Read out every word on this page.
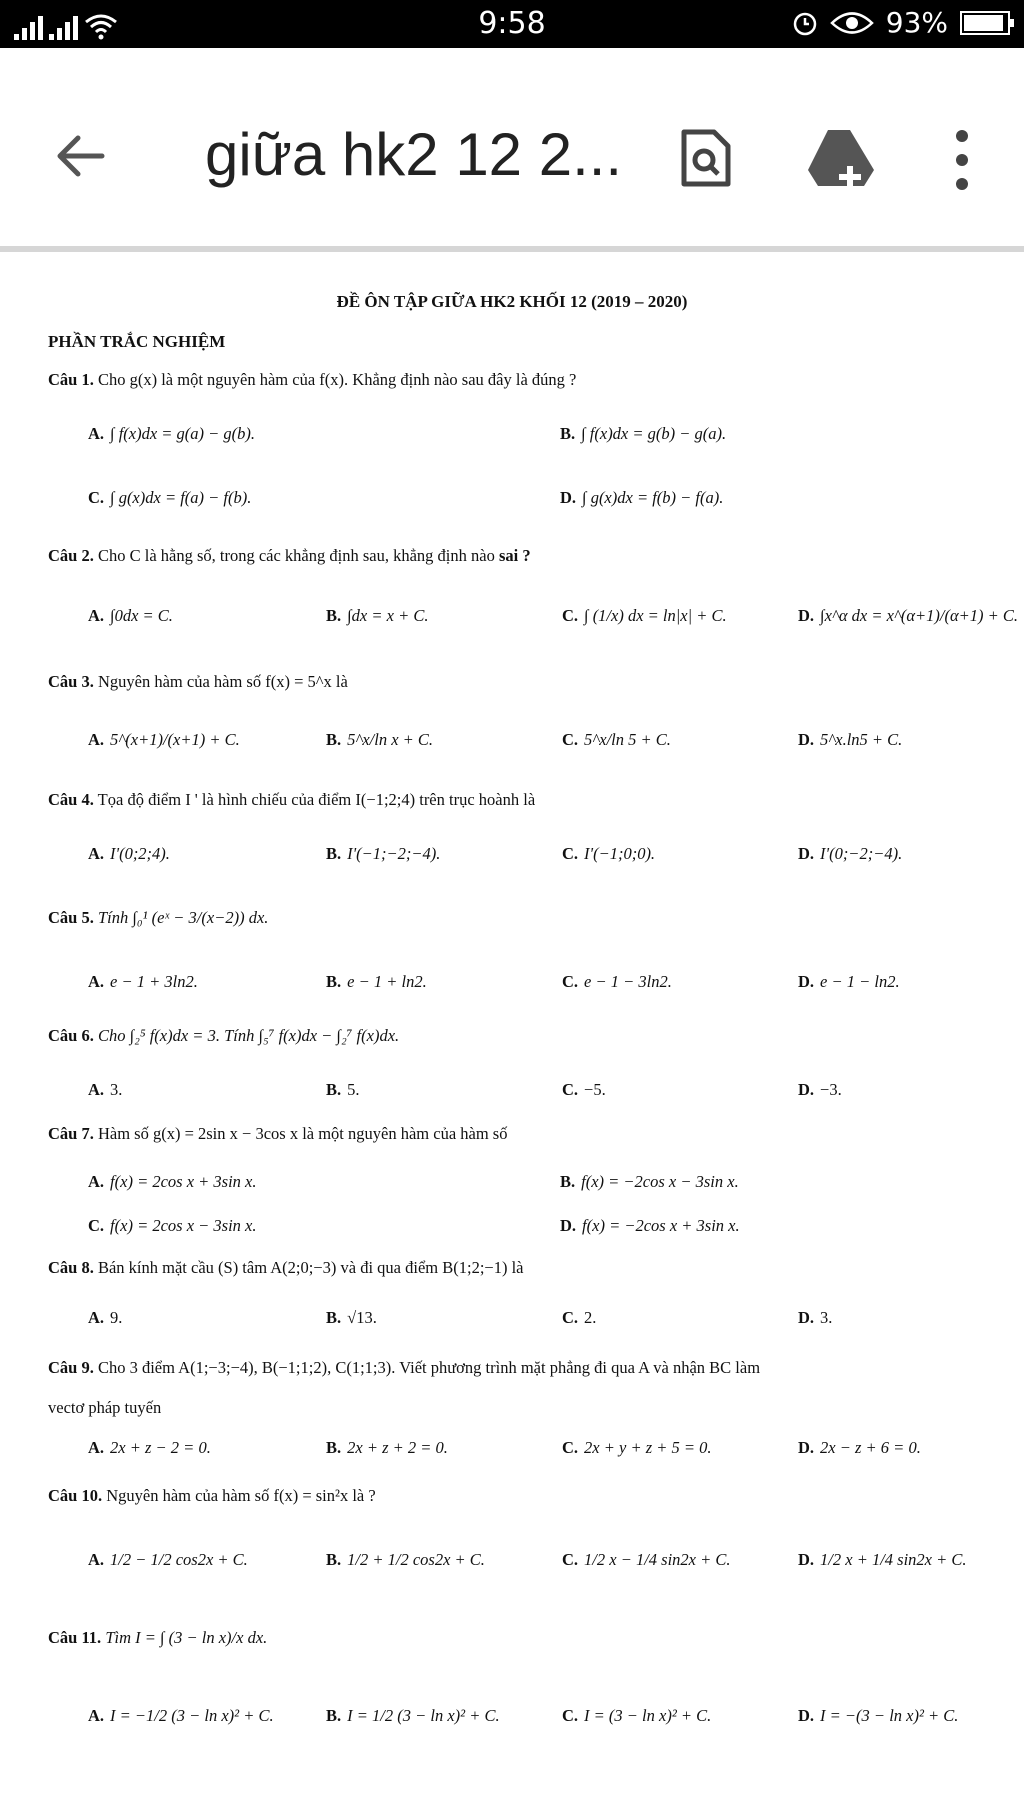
9:58	93%
giữa hk2 12 2...
ĐỀ ÔN TẬP GIỮA HK2 KHỐI 12 (2019 – 2020)
PHẦN TRẮC NGHIỆM
Câu 1. Cho g(x) là một nguyên hàm của f(x). Khẳng định nào sau đây là đúng ?
A. ∫ f(x)dx = g(a) − g(b).	B. ∫ f(x)dx = g(b) − g(a).
C. ∫ g(x)dx = f(a) − f(b).	D. ∫ g(x)dx = f(b) − f(a).
Câu 2. Cho C là hằng số, trong các khẳng định sau, khẳng định nào sai ?
A. ∫0dx = C.	B. ∫dx = x + C.	C. ∫ (1/x) dx = ln|x| + C.	D. ∫x^α dx = x^(α+1)/(α+1) + C.
Câu 3. Nguyên hàm của hàm số f(x) = 5^x là
A. 5^(x+1)/(x+1) + C.	B. 5^x/ln x + C.	C. 5^x/ln 5 + C.	D. 5^x.ln5 + C.
Câu 4. Tọa độ điểm I ' là hình chiếu của điểm I(−1;2;4) trên trục hoành là
A. I'(0;2;4).	B. I'(−1;−2;−4).	C. I'(−1;0;0).	D. I'(0;−2;−4).
Câu 5. Tính ∫₀¹ (eˣ − 3/(x−2)) dx.
A. e − 1 + 3ln2.	B. e − 1 + ln2.	C. e − 1 − 3ln2.	D. e − 1 − ln2.
Câu 6. Cho ∫₂⁵ f(x)dx = 3. Tính ∫₅⁷ f(x)dx − ∫₂⁷ f(x)dx.
A. 3.	B. 5.	C. −5.	D. −3.
Câu 7. Hàm số g(x) = 2sin x − 3cos x là một nguyên hàm của hàm số
A. f(x) = 2cos x + 3sin x.	B. f(x) = −2cos x − 3sin x.
C. f(x) = 2cos x − 3sin x.	D. f(x) = −2cos x + 3sin x.
Câu 8. Bán kính mặt cầu (S) tâm A(2;0;−3) và đi qua điểm B(1;2;−1) là
A. 9.	B. √13.	C. 2.	D. 3.
Câu 9. Cho 3 điểm A(1;−3;−4), B(−1;1;2), C(1;1;3). Viết phương trình mặt phẳng đi qua A và nhận BC làm
vectơ pháp tuyến
A. 2x + z − 2 = 0.	B. 2x + z + 2 = 0.	C. 2x + y + z + 5 = 0.	D. 2x − z + 6 = 0.
Câu 10. Nguyên hàm của hàm số f(x) = sin²x là ?
A. 1/2 − 1/2 cos2x + C.	B. 1/2 + 1/2 cos2x + C.	C. 1/2 x − 1/4 sin2x + C.	D. 1/2 x + 1/4 sin2x + C.
Câu 11. Tìm I = ∫ (3 − ln x)/x dx.
A. I = −1/2 (3 − ln x)² + C.	B. I = 1/2 (3 − ln x)² + C.	C. I = (3 − ln x)² + C.	D. I = −(3 − ln x)² + C.
